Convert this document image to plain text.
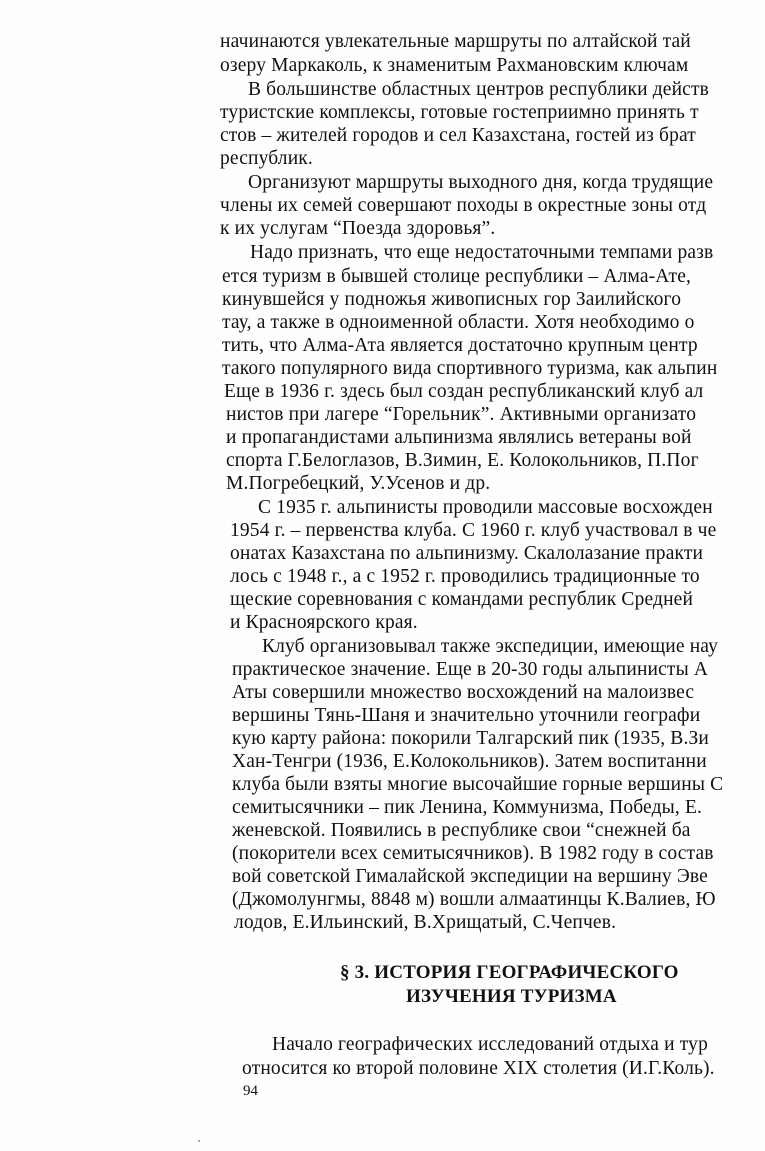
начинаются увлекательные маршруты по алтайской тай
озеру Маркаколь, к знаменитым Рахмановским ключам
В большинстве областных центров республики действ
туристские комплексы, готовые гостеприимно принять т
стов – жителей городов и сел Казахстана, гостей из брат
республик.
Организуют маршруты выходного дня, когда трудящие
члены их семей совершают походы в окрестные зоны отд
к их услугам “Поезда здоровья”.
Надо признать, что еще недостаточными темпами разв
ется туризм в бывшей столице республики – Алма-Ате,
кинувшейся у подножья живописных гор Заилийского
тау, а также в одноименной области. Хотя необходимо о
тить, что Алма-Ата является достаточно крупным центр
такого популярного вида спортивного туризма, как альпин
Еще в 1936 г. здесь был создан республиканский клуб ал
нистов при лагере “Горельник”. Активными организато
и пропагандистами альпинизма являлись ветераны вой
спорта Г.Белоглазов, В.Зимин, Е. Колокольников, П.Пог
М.Погребецкий, У.Усенов и др.
С 1935 г. альпинисты проводили массовые восхожден
1954 г. – первенства клуба. С 1960 г. клуб участвовал в че
онатах Казахстана по альпинизму. Скалолазание практи
лось с 1948 г., а с 1952 г. проводились традиционные то
щеские соревнования с командами республик Средней
и Красноярского края.
Клуб организовывал также экспедиции, имеющие нау
практическое значение. Еще в 20-30 годы альпинисты А
Аты совершили множество восхождений на малоизвес
вершины Тянь-Шаня и значительно уточнили географи
кую карту района: покорили Талгарский пик (1935, В.Зи
Хан-Тенгри (1936, Е.Колокольников). Затем воспитанни
клуба были взяты многие высочайшие горные вершины С
семитысячники – пик Ленина, Коммунизма, Победы, Е.
женевской. Появились в республике свои “снежней ба
(покорители всех семитысячников). В 1982 году в состав
вой советской Гималайской экспедиции на вершину Эве
(Джомолунгмы, 8848 м) вошли алмаатинцы К.Валиев, Ю
лодов, Е.Ильинский, В.Хрищатый, С.Чепчев.
§ 3. ИСТОРИЯ ГЕОГРАФИЧЕСКОГО
ИЗУЧЕНИЯ ТУРИЗМА
Начало географических исследований отдыха и тур
относится ко второй половине XIX столетия (И.Г.Коль).
94
